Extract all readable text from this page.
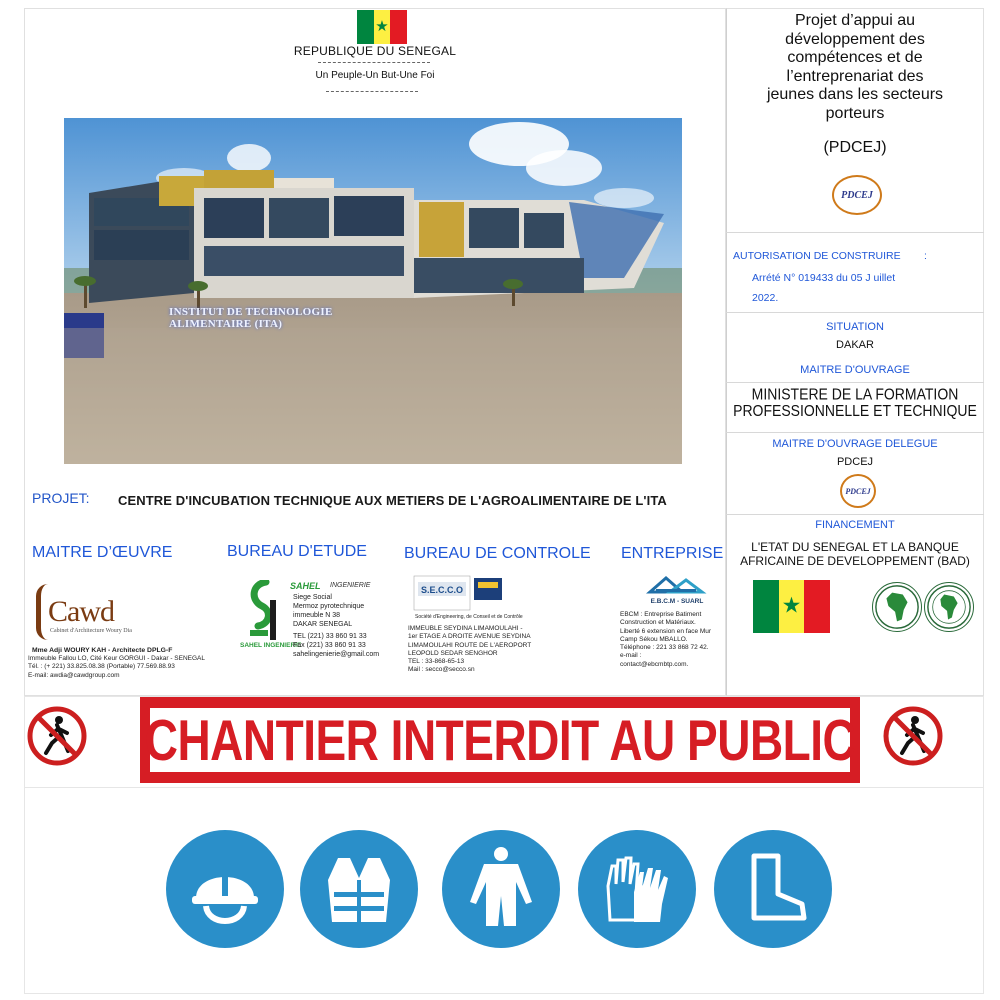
★
REPUBLIQUE DU SENEGAL
Un Peuple-Un But-Une Foi
INSTITUT DE TECHNOLOGIE ALIMENTAIRE (ITA)
PROJET: CENTRE D'INCUBATION TECHNIQUE AUX METIERS DE L'AGROALIMENTAIRE DE L'ITA
MAITRE D’ŒUVRE
Cawd
Cabinet d'Architecture Woury Dia
Mme Adji WOURY KAH - Architecte DPLG-F
Immeuble Fallou LO, Cité Keur GORGUI - Dakar - SENEGAL
Tél. : (+ 221) 33.825.08.38 (Portable) 77.569.88.93
E-mail: awdia@cawdgroup.com
BUREAU D'ETUDE
SAHEL INGENIERIE
SAHEL INGENIERIE
Siege Social
Mermoz pyrotechnique
immeuble N 38
DAKAR SENEGAL
TEL (221) 33 860 91 33
Fax (221) 33 860 91 33
sahelingenierie@gmail.com
BUREAU DE CONTROLE
S.E.C.C.O
Société d'Engineering, de Conseil et de Contrôle
IMMEUBLE SEYDINA LIMAMOULAHI -
1er ETAGE A DROITE AVENUE SEYDINA
LIMAMOULAHI ROUTE DE L'AEROPORT
LEOPOLD SEDAR SENGHOR
TEL : 33-868-65-13
Mail : secco@secco.sn
ENTREPRISE
E.B.C.M - SUARL
EBCM : Entreprise Batiment
Construction et Matériaux.
Liberté 6 extension en face Mur
Camp Sékou MBALLO.
Téléphone : 221 33 868 72 42.
e-mail :
contact@ebcmbtp.com.
Projet d’appui au développement des compétences et de l’entreprenariat des jeunes dans les secteurs porteurs
(PDCEJ)
PDCEJ
AUTORISATION DE CONSTRUIRE        :
Arrété N° 019433 du 05 J uillet
2022.
SITUATION
DAKAR
MAITRE D'OUVRAGE
MINISTERE DE LA FORMATION
PROFESSIONNELLE ET TECHNIQUE
MAITRE D'OUVRAGE DELEGUE
PDCEJ
PDCEJ
FINANCEMENT
L'ETAT DU SENEGAL ET LA BANQUE
AFRICAINE DE DEVELOPPEMENT (BAD)
★
CHANTIER INTERDIT AU PUBLIC
